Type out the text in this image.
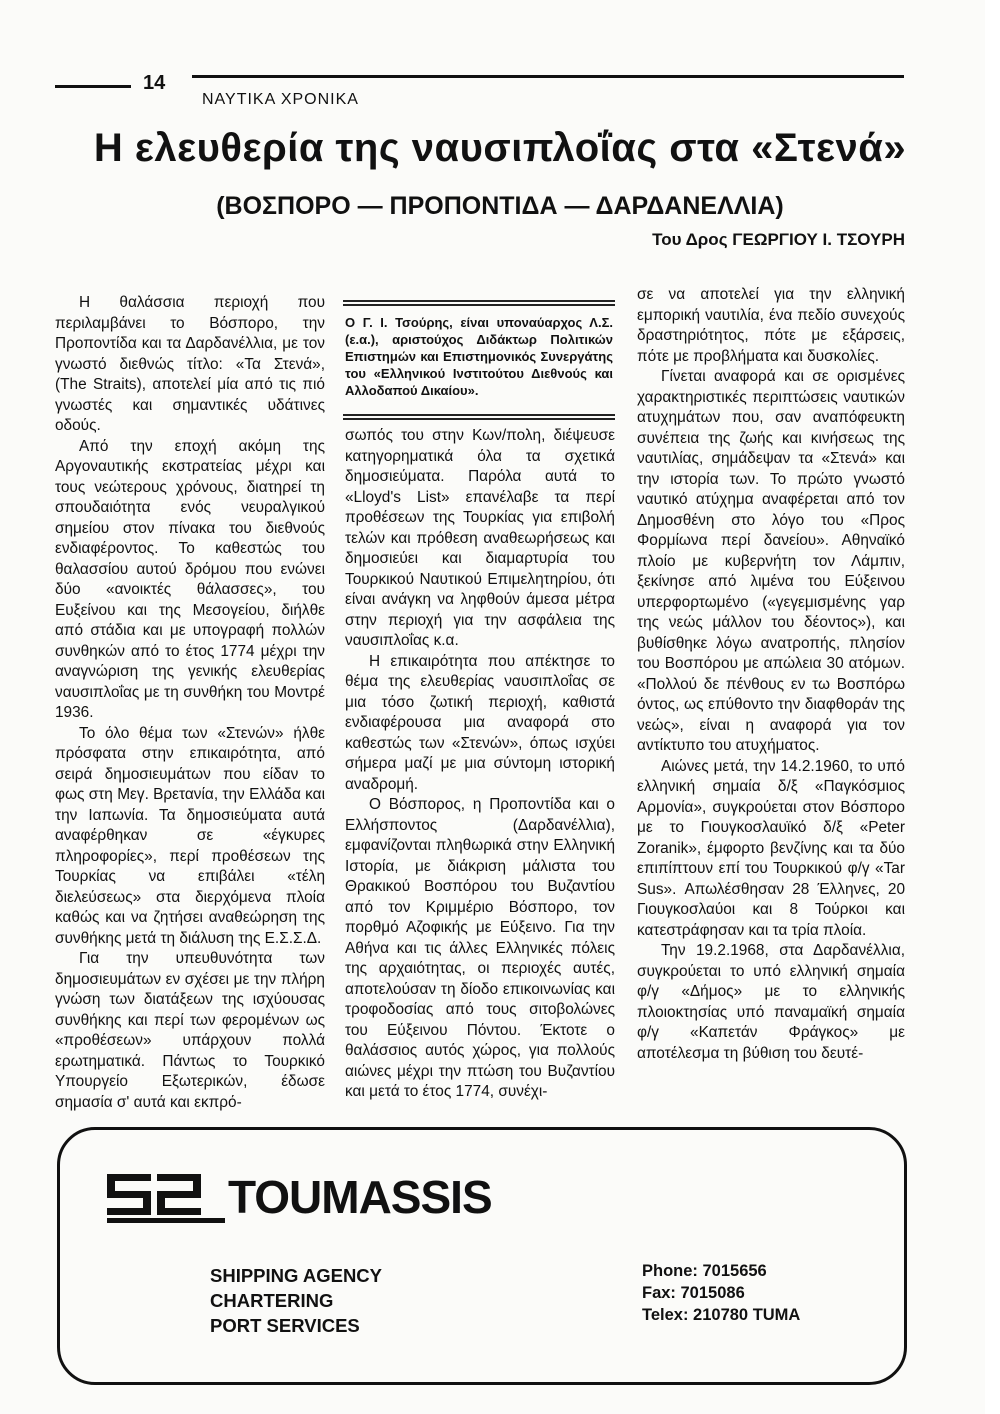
14
ΝΑΥΤΙΚΑ ΧΡΟΝΙΚΑ
Η ελευθερία της ναυσιπλοΐας στα «Στενά»
(ΒΟΣΠΟΡΟ — ΠΡΟΠΟΝΤΙΔΑ — ΔΑΡΔΑΝΕΛΛΙΑ)
Του Δρος ΓΕΩΡΓΙΟΥ Ι. ΤΣΟΥΡΗ

Η θαλάσσια περιοχή που περιλαμβάνει το Βόσπορο, την Προποντίδα και τα Δαρδανέλλια, με τον γνωστό διεθνώς τίτλο: «Τα Στενά», (The Straits), αποτελεί μία από τις πιό γνωστές και σημαντικές υδάτινες οδούς.

Από την εποχή ακόμη της Αργοναυτικής εκστρατείας μέχρι και τους νεώτερους χρόνους, διατηρεί τη σπουδαιότητα ενός νευραλγικού σημείου στον πίνακα του διεθνούς ενδιαφέροντος. Το καθεστώς του θαλασσίου αυτού δρόμου που ενώνει δύο «ανοικτές θάλασσες», του Ευξείνου και της Μεσογείου, διήλθε από στάδια και με υπογραφή πολλών συνθηκών από το έτος 1774 μέχρι την αναγνώριση της γενικής ελευθερίας ναυσιπλοΐας με τη συνθήκη του Μοντρέ 1936.

Το όλο θέμα των «Στενών» ήλθε πρόσφατα στην επικαιρότητα, από σειρά δημοσιευμάτων που είδαν το φως στη Μεγ. Βρετανία, την Ελλάδα και την Ιαπωνία. Τα δημοσιεύματα αυτά αναφέρθηκαν σε «έγκυρες πληροφορίες», περί προθέσεων της Τουρκίας να επιβάλει «τέλη διελεύσεως» στα διερχόμενα πλοία καθώς και να ζητήσει αναθεώρηση της συνθήκης μετά τη διάλυση της Ε.Σ.Σ.Δ.

Για την υπευθυνότητα των δημοσιευμάτων εν σχέσει με την πλήρη γνώση των διατάξεων της ισχύουσας συνθήκης και περί των φερομένων ως «προθέσεων» υπάρχουν πολλά ερωτηματικά. Πάντως το Τουρκικό Υπουργείο Εξωτερικών, έδωσε σημασία σ' αυτά και εκπρό-

Ο Γ. Ι. Τσούρης, είναι υποναύαρχος Λ.Σ. (ε.α.), αριστούχος Διδάκτωρ Πολιτικών Επιστημών και Επιστημονικός Συνεργάτης του «Ελληνικού Ινστιτούτου Διεθνούς και Αλλοδαπού Δικαίου».

σωπός του στην Κων/πολη, διέψευσε κατηγορηματικά όλα τα σχετικά δημοσιεύματα. Παρόλα αυτά το «Lloyd's List» επανέλαβε τα περί προθέσεων της Τουρκίας για επιβολή τελών και πρόθεση αναθεωρήσεως και δημοσιεύει και διαμαρτυρία του Τουρκικού Ναυτικού Επιμελητηρίου, ότι είναι ανάγκη να ληφθούν άμεσα μέτρα στην περιοχή για την ασφάλεια της ναυσιπλοΐας κ.α.

Η επικαιρότητα που απέκτησε το θέμα της ελευθερίας ναυσιπλοΐας σε μια τόσο ζωτική περιοχή, καθιστά ενδιαφέρουσα μια αναφορά στο καθεστώς των «Στενών», όπως ισχύει σήμερα μαζί με μια σύντομη ιστορική αναδρομή.

Ο Βόσπορος, η Προποντίδα και ο Ελλήσποντος (Δαρδανέλλια), εμφανίζονται πληθωρικά στην Ελληνική Ιστορία, με διάκριση μάλιστα του Θρακικού Βοσπόρου του Βυζαντίου από τον Κριμμέριο Βόσπορο, τον πορθμό Αζοφικής με Εύξεινο. Για την Αθήνα και τις άλλες Ελληνικές πόλεις της αρχαιότητας, οι περιοχές αυτές, αποτελούσαν τη δίοδο επικοινωνίας και τροφοδοσίας από τους σιτοβολώνες του Εύξεινου Πόντου. Έκτοτε ο θαλάσσιος αυτός χώρος, για πολλούς αιώνες μέχρι την πτώση του Βυζαντίου και μετά το έτος 1774, συνέχι-

σε να αποτελεί για την ελληνική εμπορική ναυτιλία, ένα πεδίο συνεχούς δραστηριότητος, πότε με εξάρσεις, πότε με προβλήματα και δυσκολίες.

Γίνεται αναφορά και σε ορισμένες χαρακτηριστικές περιπτώσεις ναυτικών ατυχημάτων που, σαν αναπόφευκτη συνέπεια της ζωής και κινήσεως της ναυτιλίας, σημάδεψαν τα «Στενά» και την ιστορία των. Το πρώτο γνωστό ναυτικό ατύχημα αναφέρεται από τον Δημοσθένη στο λόγο του «Προς Φορμίωνα περί δανείου». Αθηναϊκό πλοίο με κυβερνήτη τον Λάμπιν, ξεκίνησε από λιμένα του Εύξεινου υπερφορτωμένο («γεγεμισμένης γαρ της νεώς μάλλον του δέοντος»), και βυθίσθηκε λόγω ανατροπής, πλησίον του Βοσπόρου με απώλεια 30 ατόμων. «Πολλού δε πένθους εν τω Βοσπόρω όντος, ως επύθοντο την διαφθοράν της νεώς», είναι η αναφορά για τον αντίκτυπο του ατυχήματος.

Αιώνες μετά, την 14.2.1960, το υπό ελληνική σημαία δ/ξ «Παγκόσμιος Αρμονία», συγκρούεται στον Βόσπορο με το Γιουγκοσλαυϊκό δ/ξ «Peter Zoranik», έμφορτο βενζίνης και τα δύο επιπίπτουν επί του Τουρκικού φ/γ «Tar Sus». Απωλέσθησαν 28 Έλληνες, 20 Γιουγκοσλαύοι και 8 Τούρκοι και κατεστράφησαν και τα τρία πλοία.

Την 19.2.1968, στα Δαρδανέλλια, συγκρούεται το υπό ελληνική σημαία φ/γ «Δήμος» με το ελληνικής πλοιοκτησίας υπό παναμαϊκή σημαία φ/γ «Καπετάν Φράγκος» με αποτέλεσμα τη βύθιση του δευτέ-

TOUMASSIS
SHIPPING AGENCY
CHARTERING
PORT SERVICES
Phone: 7015656
Fax: 7015086
Telex: 210780 TUMA
